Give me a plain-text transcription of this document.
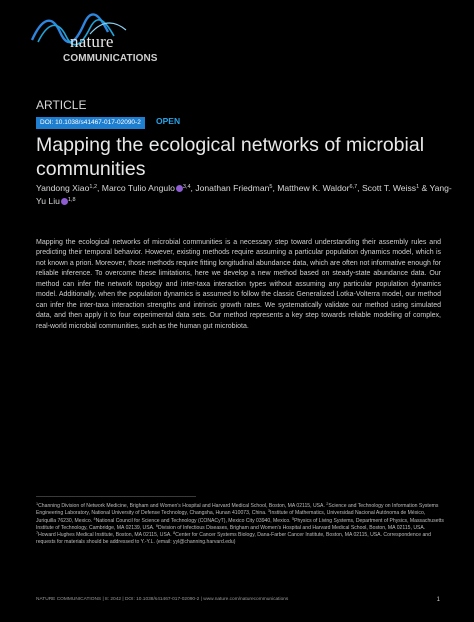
nature
COMMUNICATIONS
ARTICLE
DOI: 10.1038/s41467-017-02090-2	OPEN
Mapping the ecological networks of microbial communities
Yandong Xiao$^{1,2}$, Marco Tulio Angulo $^{3,4}$, Jonathan Friedman$^5$, Matthew K. Waldor$^{6,7}$, Scott T. Weiss$^1$ & Yang-Yu Liu $^{1,8}$

Mapping the ecological networks of microbial communities is a necessary step toward understanding their assembly rules and predicting their temporal behavior. However, existing methods require assuming a particular population dynamics model, which is not known a priori. Moreover, those methods require fitting longitudinal abundance data, which are often not informative enough for reliable inference. To overcome these limitations, here we develop a new method based on steady-state abundance data. Our method can infer the network topology and inter-taxa interaction types without assuming any particular population dynamics model. Additionally, when the population dynamics is assumed to follow the classic Generalized Lotka-Volterra model, our method can infer the inter-taxa interaction strengths and intrinsic growth rates. We systematically validate our method using simulated data, and then apply it to four experimental data sets. Our method represents a key step towards reliable modeling of complex, real-world microbial communities, such as the human gut microbiota.

$^1$Channing Division of Network Medicine, Brigham and Women's Hospital and Harvard Medical School, Boston, MA 02115, USA. $^2$Science and Technology on Information Systems Engineering Laboratory, National University of Defense Technology, Changsha, Hunan 410073, China. $^3$Institute of Mathematics, Universidad Nacional Autónoma de México, Juriquilla 76230, Mexico. $^4$National Council for Science and Technology (CONACyT), Mexico City 03940, Mexico. $^5$Physics of Living Systems, Department of Physics, Massachusetts Institute of Technology, Cambridge, MA 02139, USA. $^6$Division of Infectious Diseases, Brigham and Women's Hospital and Harvard Medical School, Boston, MA 02115, USA. $^7$Howard Hughes Medical Institute, Boston, MA 02115, USA. $^8$Center for Cancer Systems Biology, Dana-Farber Cancer Institute, Boston, MA 02115, USA. Correspondence and requests for materials should be addressed to Y.-Y.L. (email: yyl@channing.harvard.edu)

NATURE COMMUNICATIONS | 8: 2042 | DOI: 10.1038/s41467-017-02090-2 | www.nature.com/naturecommunications	1
